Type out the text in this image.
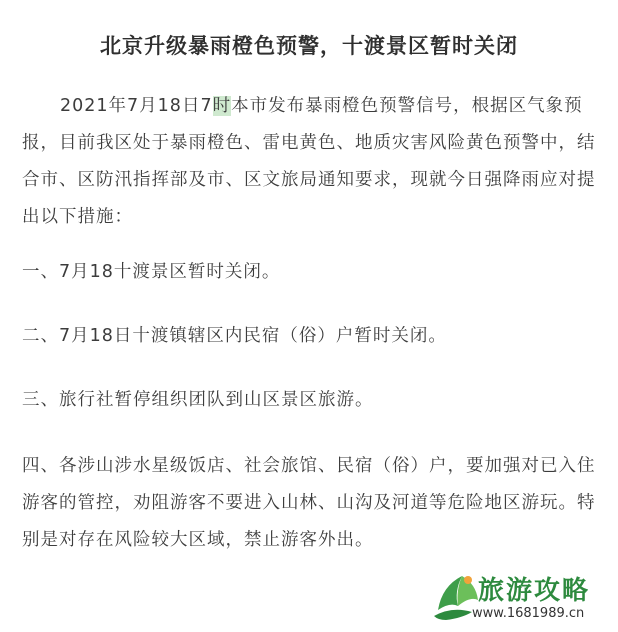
北京升级暴雨橙色预警，十渡景区暂时关闭
2021年7月18日7时本市发布暴雨橙色预警信号，根据区气象预报，目前我区处于暴雨橙色、雷电黄色、地质灾害风险黄色预警中，结合市、区防汛指挥部及市、区文旅局通知要求，现就今日强降雨应对提出以下措施：
一、7月18十渡景区暂时关闭。
二、7月18日十渡镇辖区内民宿（俗）户暂时关闭。
三、旅行社暂停组织团队到山区景区旅游。
四、各涉山涉水星级饭店、社会旅馆、民宿（俗）户，要加强对已入住游客的管控，劝阻游客不要进入山林、山沟及河道等危险地区游玩。特别是对存在风险较大区域，禁止游客外出。
旅游攻略
www.1681989.cn
